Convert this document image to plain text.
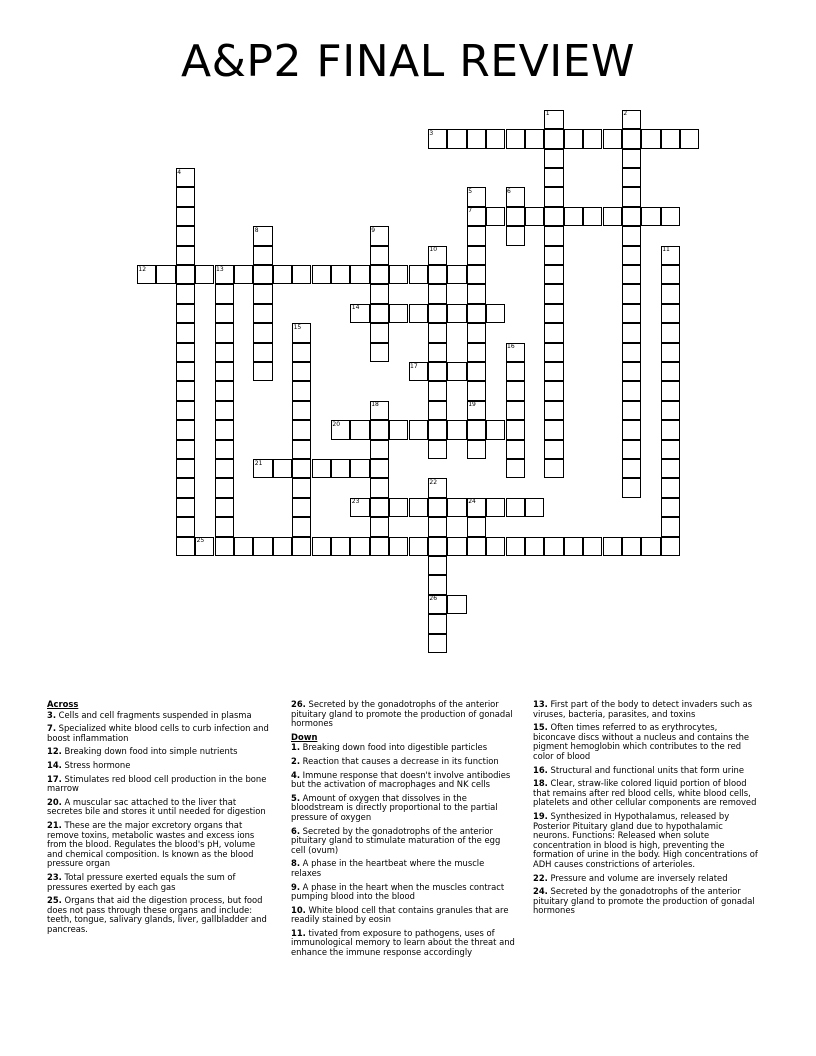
A&P2 FINAL REVIEW
1	2
3
4
5	6
7
8	9
10	11
12	13
14
15
16
17
18	19
20
21
22
23	24
25
26
Across
3. Cells and cell fragments suspended in plasma
7. Specialized white blood cells to curb infection and boost inflammation
12. Breaking down food into simple nutrients
14. Stress hormone
17. Stimulates red blood cell production in the bone marrow
20. A muscular sac attached to the liver that secretes bile and stores it until needed for digestion
21. These are the major excretory organs that remove toxins, metabolic wastes and excess ions from the blood. Regulates the blood's pH, volume and chemical composition. Is known as the blood pressure organ
23. Total pressure exerted equals the sum of pressures exerted by each gas
25. Organs that aid the digestion process, but food does not pass through these organs and include: teeth, tongue, salivary glands, liver, gallbladder and pancreas.
26. Secreted by the gonadotrophs of the anterior pituitary gland to promote the production of gonadal hormones
Down
1. Breaking down food into digestible particles
2. Reaction that causes a decrease in its function
4. Immune response that doesn't involve antibodies but the activation of macrophages and NK cells
5. Amount of oxygen that dissolves in the bloodstream is directly proportional to the partial pressure of oxygen
6. Secreted by the gonadotrophs of the anterior pituitary gland to stimulate maturation of the egg cell (ovum)
8. A phase in the heartbeat where the muscle relaxes
9. A phase in the heart when the muscles contract pumping blood into the blood
10. White blood cell that contains granules that are readily stained by eosin
11. tivated from exposure to pathogens, uses of immunological memory to learn about the threat and enhance the immune response accordingly
13. First part of the body to detect invaders such as viruses, bacteria, parasites, and toxins
15. Often times referred to as erythrocytes, biconcave discs without a nucleus and contains the pigment hemoglobin which contributes to the red color of blood
16. Structural and functional units that form urine
18. Clear, straw-like colored liquid portion of blood that remains after red blood cells, white blood cells, platelets and other cellular components are removed
19. Synthesized in Hypothalamus, released by Posterior Pituitary gland due to hypothalamic neurons. Functions: Released when solute concentration in blood is high, preventing the formation of urine in the body. High concentrations of ADH causes constrictions of arterioles.
22. Pressure and volume are inversely related
24. Secreted by the gonadotrophs of the anterior pituitary gland to promote the production of gonadal hormones
